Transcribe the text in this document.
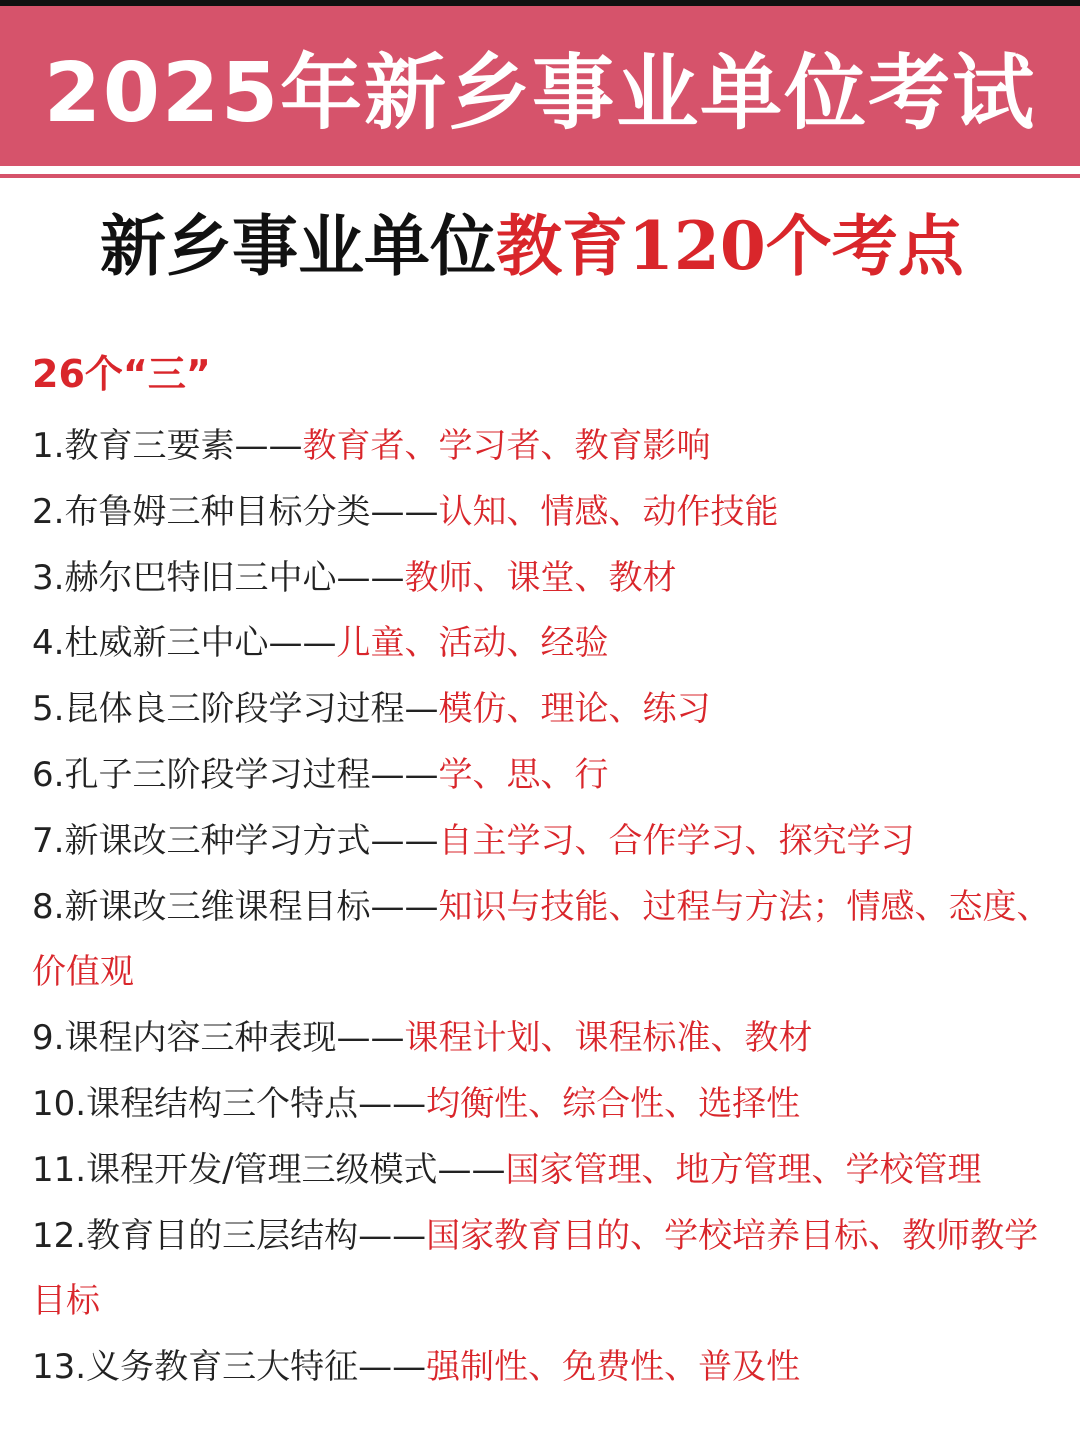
2025年新乡事业单位考试
新乡事业单位教育120个考点
26个“三”
1.教育三要素——教育者、学习者、教育影响
2.布鲁姆三种目标分类——认知、情感、动作技能
3.赫尔巴特旧三中心——教师、课堂、教材
4.杜威新三中心——儿童、活动、经验
5.昆体良三阶段学习过程—模仿、理论、练习
6.孔子三阶段学习过程——学、思、行
7.新课改三种学习方式——自主学习、合作学习、探究学习
8.新课改三维课程目标——知识与技能、过程与方法；情感、态度、价值观
9.课程内容三种表现——课程计划、课程标准、教材
10.课程结构三个特点——均衡性、综合性、选择性
11.课程开发/管理三级模式——国家管理、地方管理、学校管理
12.教育目的三层结构——国家教育目的、学校培养目标、教师教学目标
13.义务教育三大特征——强制性、免费性、普及性
